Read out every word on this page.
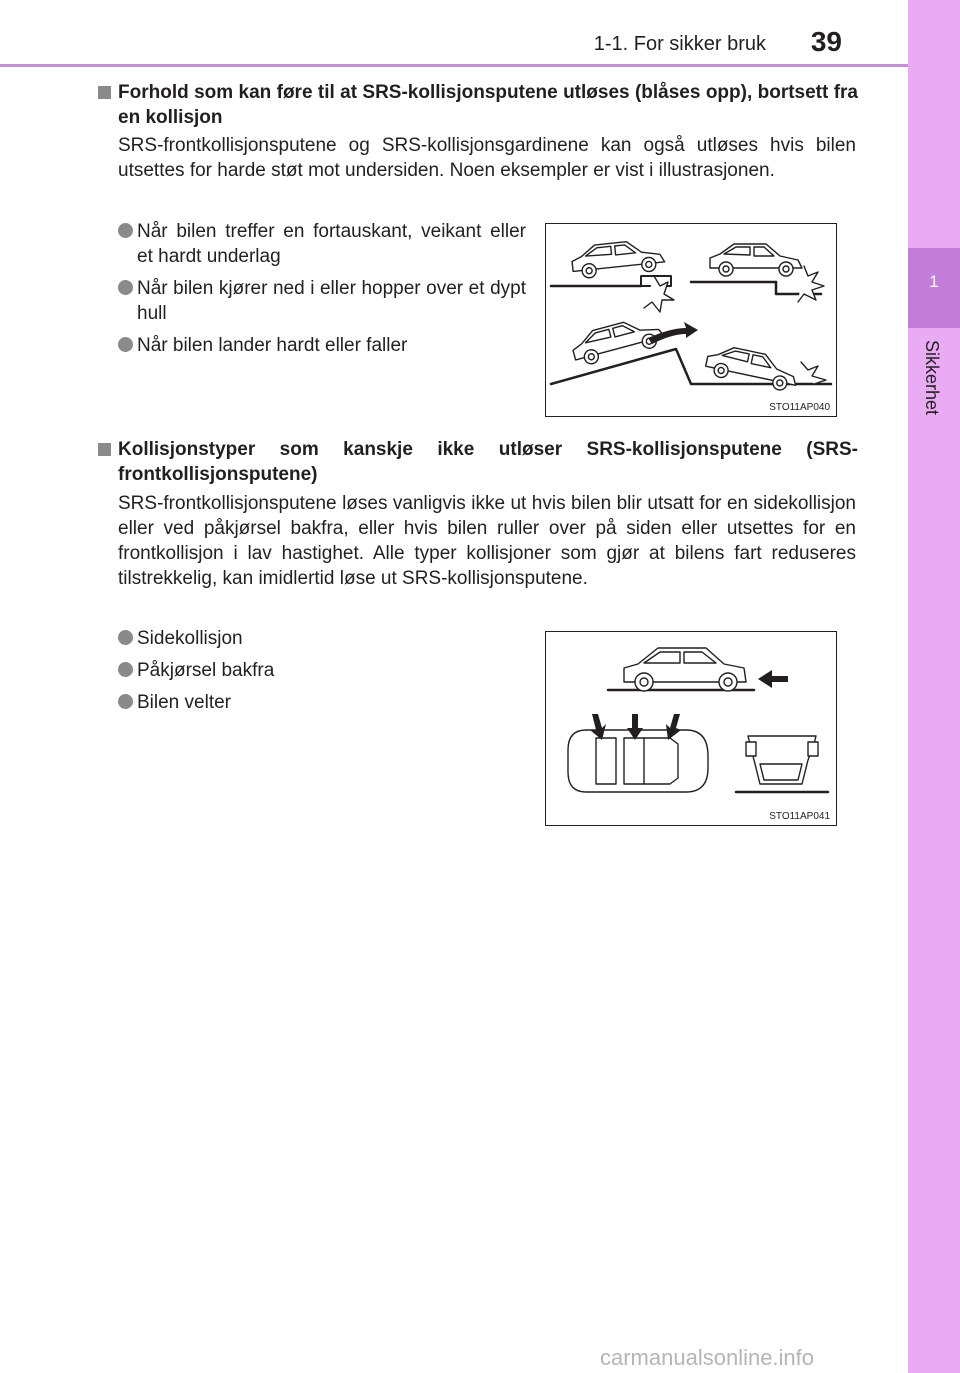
1-1. For sikker bruk 39
1
Sikkerhet
Forhold som kan føre til at SRS-kollisjonsputene utløses (blåses opp), bortsett fra en kollisjon
SRS-frontkollisjonsputene og SRS-kollisjonsgardinene kan også utløses hvis bilen utsettes for harde støt mot undersiden. Noen eksempler er vist i illustrasjonen.
Når bilen treffer en fortauskant, veikant eller et hardt underlag
Når bilen kjører ned i eller hopper over et dypt hull
Når bilen lander hardt eller faller
STO11AP040
Kollisjonstyper som kanskje ikke utløser SRS-kollisjonsputene (SRS-frontkollisjonsputene)
SRS-frontkollisjonsputene løses vanligvis ikke ut hvis bilen blir utsatt for en sidekollisjon eller ved påkjørsel bakfra, eller hvis bilen ruller over på siden eller utsettes for en frontkollisjon i lav hastighet. Alle typer kollisjoner som gjør at bilens fart reduseres tilstrekkelig, kan imidlertid løse ut SRS-kollisjonsputene.
Sidekollisjon
Påkjørsel bakfra
Bilen velter
STO11AP041
carmanualsonline.info
